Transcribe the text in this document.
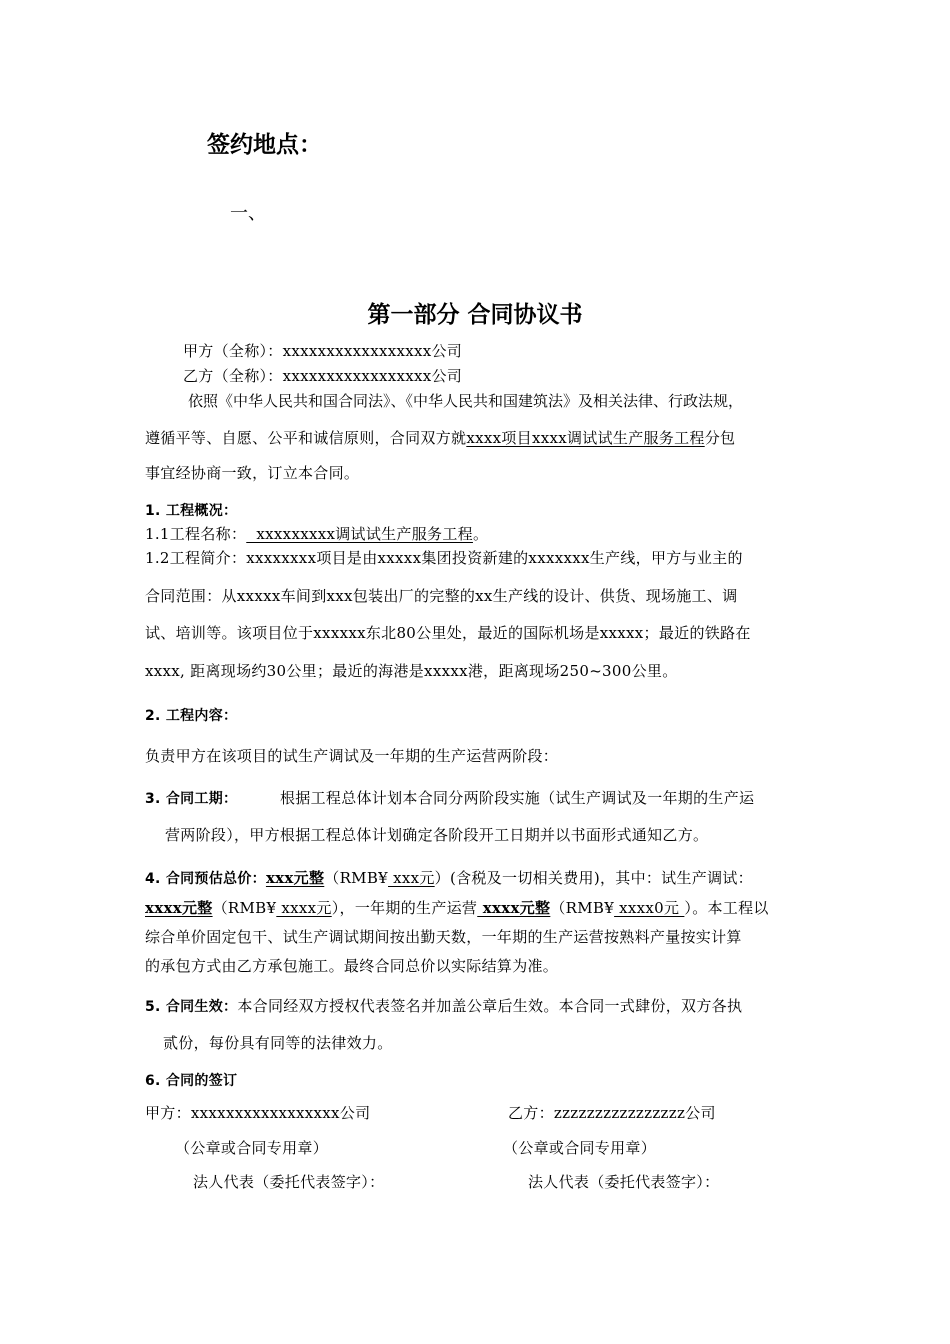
签约地点：
一、
第一部分 合同协议书
甲方（全称）：xxxxxxxxxxxxxxxxx公司
乙方（全称）：xxxxxxxxxxxxxxxxx公司
依照《中华人民共和国合同法》、《中华人民共和国建筑法》及相关法律、行政法规，
遵循平等、自愿、公平和诚信原则，合同双方就xxxx项目xxxx调试试生产服务工程分包
事宜经协商一致，订立本合同。
1. 工程概况：
1.1工程名称：  xxxxxxxxx调试试生产服务工程。
1.2工程简介：xxxxxxxx项目是由xxxxx集团投资新建的xxxxxxx生产线，甲方与业主的
合同范围：从xxxxx车间到xxx包装出厂的完整的xx生产线的设计、供货、现场施工、调
试、培训等。该项目位于xxxxxx东北80公里处，最近的国际机场是xxxxx；最近的铁路在
xxxx, 距离现场约30公里；最近的海港是xxxxx港，距离现场250~300公里。
2. 工程内容：
负责甲方在该项目的试生产调试及一年期的生产运营两阶段：
3. 合同工期：	根据工程总体计划本合同分两阶段实施（试生产调试及一年期的生产运
营两阶段），甲方根据工程总体计划确定各阶段开工日期并以书面形式通知乙方。
4. 合同预估总价：xxx元整（RMB¥ xxx元）(含税及一切相关费用)，其中：试生产调试：
xxxx元整（RMB¥ xxxx元），一年期的生产运营 xxxx元整（RMB¥ xxxx0元 ）。本工程以
综合单价固定包干、试生产调试期间按出勤天数，一年期的生产运营按熟料产量按实计算
的承包方式由乙方承包施工。最终合同总价以实际结算为准。
5. 合同生效：本合同经双方授权代表签名并加盖公章后生效。本合同一式肆份，双方各执
贰份，每份具有同等的法律效力。
6. 合同的签订
甲方：xxxxxxxxxxxxxxxxx公司	乙方：zzzzzzzzzzzzzzzz公司
（公章或合同专用章）	（公章或合同专用章）
法人代表（委托代表签字）：	法人代表（委托代表签字）：
